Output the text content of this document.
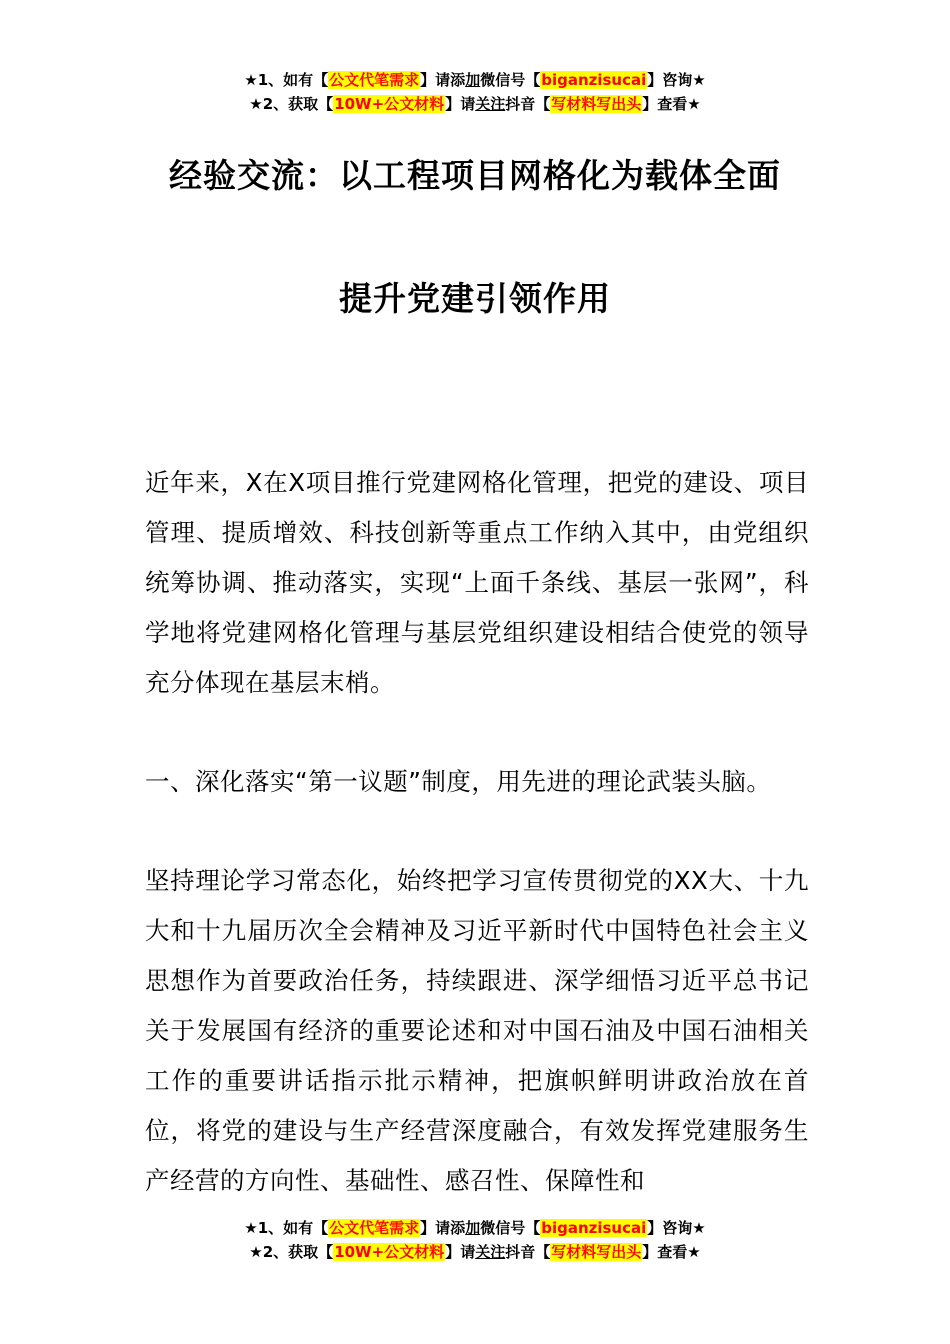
★1、如有【公文代笔需求】请添加微信号【biganzisucai】咨询★
★2、获取【10W+公文材料】请关注抖音【写材料写出头】查看★
经验交流：以工程项目网格化为载体全面
提升党建引领作用
近年来，X在X项目推行党建网格化管理，把党的建设、项目管理、提质增效、科技创新等重点工作纳入其中，由党组织统筹协调、推动落实，实现“上面千条线、基层一张网”，科学地将党建网格化管理与基层党组织建设相结合使党的领导充分体现在基层末梢。
一、深化落实“第一议题”制度，用先进的理论武装头脑。
坚持理论学习常态化，始终把学习宣传贯彻党的XX大、十九大和十九届历次全会精神及习近平新时代中国特色社会主义思想作为首要政治任务，持续跟进、深学细悟习近平总书记关于发展国有经济的重要论述和对中国石油及中国石油相关工作的重要讲话指示批示精神，把旗帜鲜明讲政治放在首位，将党的建设与生产经营深度融合，有效发挥党建服务生产经营的方向性、基础性、感召性、保障性和
★1、如有【公文代笔需求】请添加微信号【biganzisucai】咨询★
★2、获取【10W+公文材料】请关注抖音【写材料写出头】查看★
